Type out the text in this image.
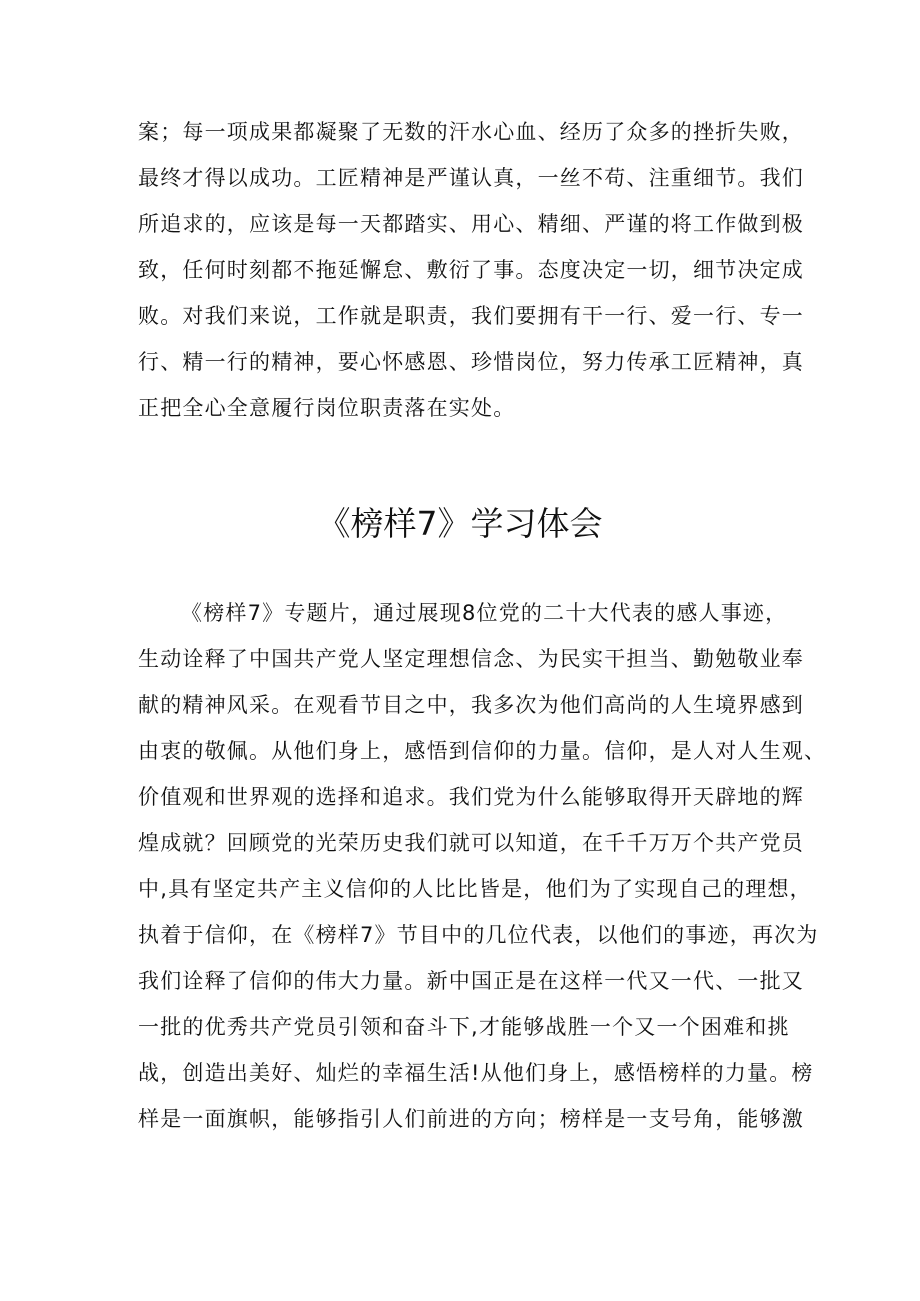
案；每一项成果都凝聚了无数的汗水心血、经历了众多的挫折失败，
最终才得以成功。工匠精神是严谨认真，一丝不苟、注重细节。我们
所追求的，应该是每一天都踏实、用心、精细、严谨的将工作做到极
致，任何时刻都不拖延懈怠、敷衍了事。态度决定一切，细节决定成
败。对我们来说，工作就是职责，我们要拥有干一行、爱一行、专一
行、精一行的精神，要心怀感恩、珍惜岗位，努力传承工匠精神，真
正把全心全意履行岗位职责落在实处。
《榜样7》学习体会
《榜样7》专题片，通过展现8位党的二十大代表的感人事迹，
生动诠释了中国共产党人坚定理想信念、为民实干担当、勤勉敬业奉
献的精神风采。在观看节目之中，我多次为他们高尚的人生境界感到
由衷的敬佩。从他们身上，感悟到信仰的力量。信仰，是人对人生观、
价值观和世界观的选择和追求。我们党为什么能够取得开天辟地的辉
煌成就？回顾党的光荣历史我们就可以知道，在千千万万个共产党员
中,具有坚定共产主义信仰的人比比皆是，他们为了实现自己的理想，
执着于信仰，在《榜样7》节目中的几位代表，以他们的事迹，再次为
我们诠释了信仰的伟大力量。新中国正是在这样一代又一代、一批又
一批的优秀共产党员引领和奋斗下,才能够战胜一个又一个困难和挑
战，创造出美好、灿烂的幸福生活!从他们身上，感悟榜样的力量。榜
样是一面旗帜，能够指引人们前进的方向；榜样是一支号角，能够激
